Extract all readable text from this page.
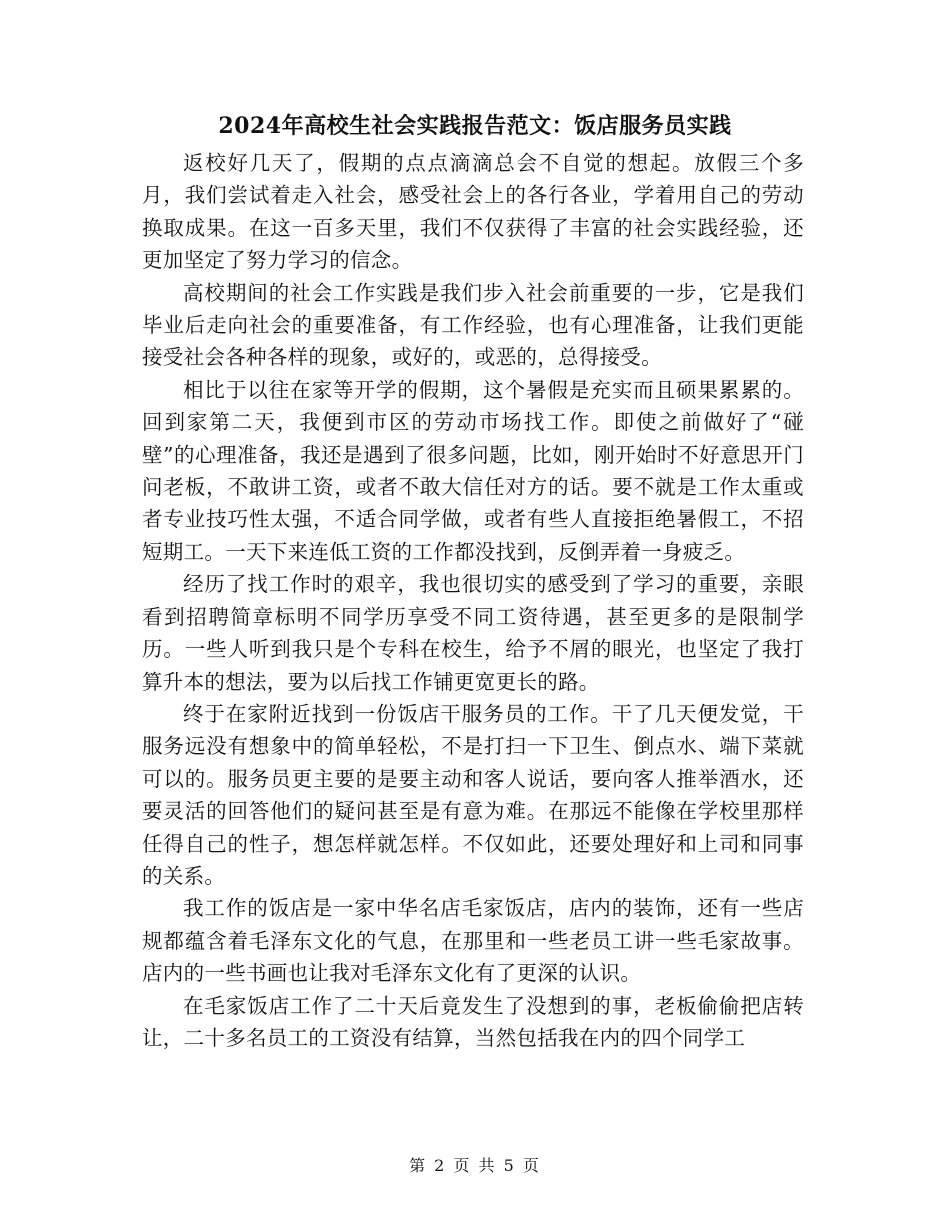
2024年高校生社会实践报告范文：饭店服务员实践

返校好几天了，假期的点点滴滴总会不自觉的想起。放假三个多月，我们尝试着走入社会，感受社会上的各行各业，学着用自己的劳动换取成果。在这一百多天里，我们不仅获得了丰富的社会实践经验，还更加坚定了努力学习的信念。

高校期间的社会工作实践是我们步入社会前重要的一步，它是我们毕业后走向社会的重要准备，有工作经验，也有心理准备，让我们更能接受社会各种各样的现象，或好的，或恶的，总得接受。

相比于以往在家等开学的假期，这个暑假是充实而且硕果累累的。 回到家第二天，我便到市区的劳动市场找工作。即使之前做好了“碰壁”的心理准备，我还是遇到了很多问题，比如，刚开始时不好意思开门问老板，不敢讲工资，或者不敢大信任对方的话。要不就是工作太重或者专业技巧性太强，不适合同学做，或者有些人直接拒绝暑假工，不招短期工。一天下来连低工资的工作都没找到，反倒弄着一身疲乏。

经历了找工作时的艰辛，我也很切实的感受到了学习的重要，亲眼看到招聘简章标明不同学历享受不同工资待遇，甚至更多的是限制学历。一些人听到我只是个专科在校生，给予不屑的眼光，也坚定了我打算升本的想法，要为以后找工作铺更宽更长的路。

终于在家附近找到一份饭店干服务员的工作。干了几天便发觉，干服务远没有想象中的简单轻松，不是打扫一下卫生、倒点水、端下菜就可以的。服务员更主要的是要主动和客人说话，要向客人推举酒水，还要灵活的回答他们的疑问甚至是有意为难。在那远不能像在学校里那样任得自己的性子，想怎样就怎样。不仅如此，还要处理好和上司和同事的关系。

我工作的饭店是一家中华名店毛家饭店，店内的装饰，还有一些店规都蕴含着毛泽东文化的气息，在那里和一些老员工讲一些毛家故事。店内的一些书画也让我对毛泽东文化有了更深的认识。

在毛家饭店工作了二十天后竟发生了没想到的事，老板偷偷把店转让，二十多名员工的工资没有结算，当然包括我在内的四个同学工

第 2 页 共 5 页
